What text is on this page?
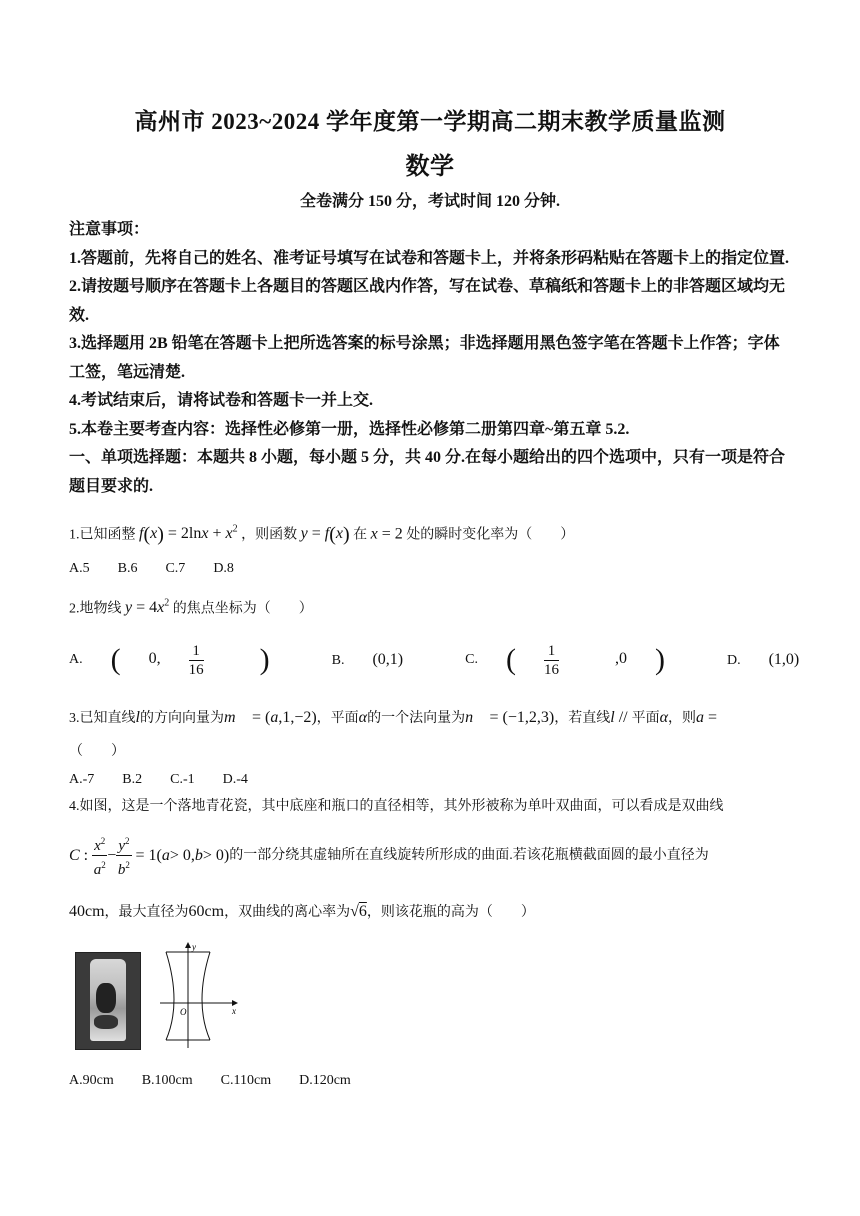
高州市 2023~2024 学年度第一学期高二期末教学质量监测
数学
全卷满分 150 分，考试时间 120 分钟.

注意事项：

1.答题前，先将自己的姓名、准考证号填写在试卷和答题卡上，并将条形码粘贴在答题卡上的指定位置.

2.请按题号顺序在答题卡上各题目的答题区战内作答，写在试卷、草稿纸和答题卡上的非答题区域均无效.

3.选择题用 2B 铅笔在答题卡上把所选答案的标号涂黑；非选择题用黑色签字笔在答题卡上作答；字体工签，笔远清楚.

4.考试结束后，请将试卷和答题卡一并上交.

5.本卷主要考查内容：选择性必修第一册，选择性必修第二册第四章~第五章 5.2.

一、单项选择题：本题共 8 小题，每小题 5 分，共 40 分.在每小题给出的四个选项中，只有一项是符合题目要求的.

1.已知函整 $f(x) = 2\ln x + x^2$ ，则函数 y = f(x) 在 x = 2 处的瞬时变化率为（　　）
A.5 B.6 C.7 D.8
2.地物线 $y = 4x^2$ 的焦点坐标为（　　）
A. ( 0, $\frac{1}{16}$ )	B. (0,1)	C. ( $\frac{1}{16} ,0$ )	D. (1,0)
3.已知直线l的方向向量为m⃗ = (a,1,−2)，平面α的一个法向量为n⃗ = (−1,2,3)，若直线l // 平面α，则a =
（　　）
A.-7 B.2 C.-1 D.-4
4.如图，这是一个落地青花瓷，其中底座和瓶口的直径相等，其外形被称为单叶双曲面，可以看成是双曲线
C : $\frac{x^2}{a^2} - \frac{y^2}{b^2} = 1$( a > 0, b > 0) 的一部分绕其虚轴所在直线旋转所形成的曲面.若该花瓶横截面圆的最小直径为
40cm，最大直径为60cm，双曲线的离心率为√6，则该花瓶的高为（　　）
y
x
O
A.90cm B.100cm C.110cm D.120cm
